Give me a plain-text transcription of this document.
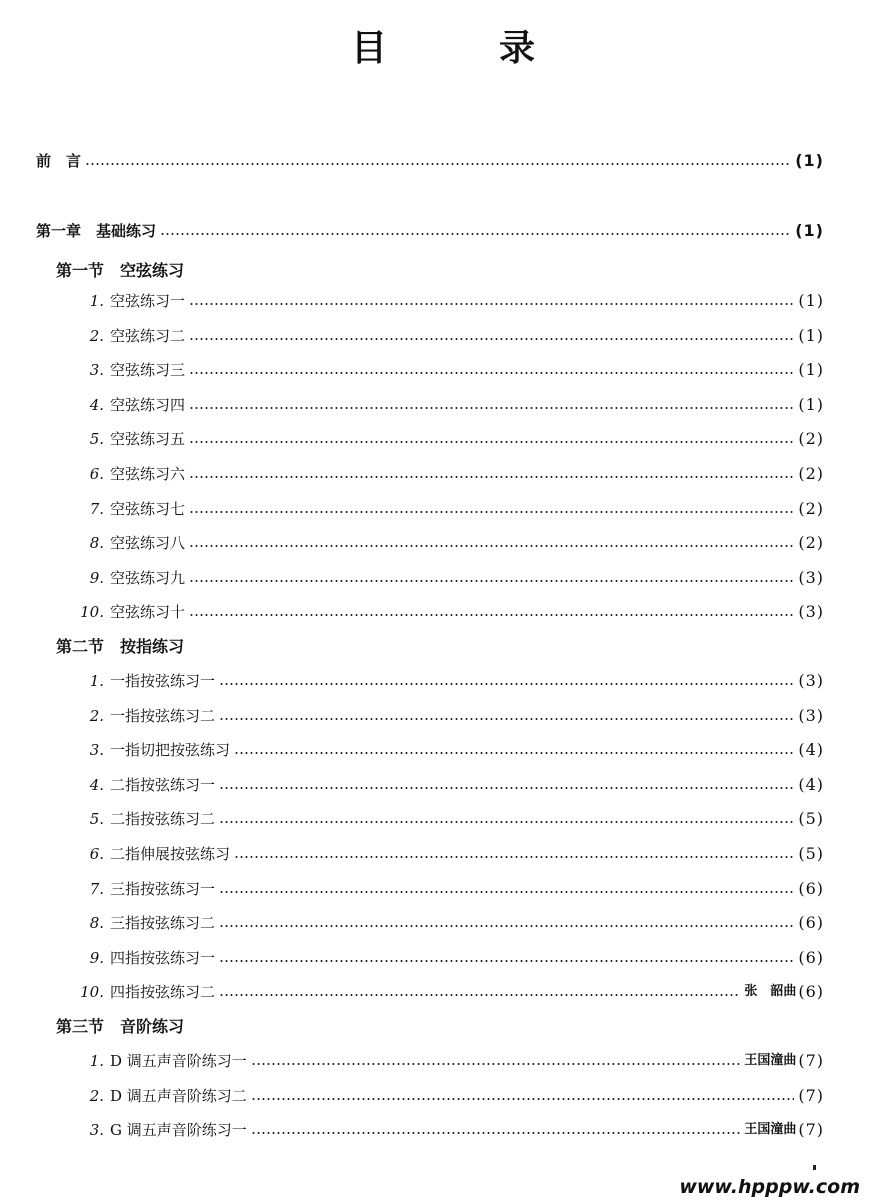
目	录
前　言	(1)
第一章　基础练习	(1)
第一节　空弦练习
1. 空弦练习一	(1)
2. 空弦练习二	(1)
3. 空弦练习三	(1)
4. 空弦练习四	(1)
5. 空弦练习五	(2)
6. 空弦练习六	(2)
7. 空弦练习七	(2)
8. 空弦练习八	(2)
9. 空弦练习九	(3)
10. 空弦练习十	(3)
第二节　按指练习
1. 一指按弦练习一	(3)
2. 一指按弦练习二	(3)
3. 一指切把按弦练习	(4)
4. 二指按弦练习一	(4)
5. 二指按弦练习二	(5)
6. 二指伸展按弦练习	(5)
7. 三指按弦练习一	(6)
8. 三指按弦练习二	(6)
9. 四指按弦练习一	(6)
10. 四指按弦练习二	张　韶曲 (6)
第三节　音阶练习
1. D 调五声音阶练习一	王国潼曲 (7)
2. D 调五声音阶练习二	(7)
3. G 调五声音阶练习一	王国潼曲 (7)
www.hpppw.com
